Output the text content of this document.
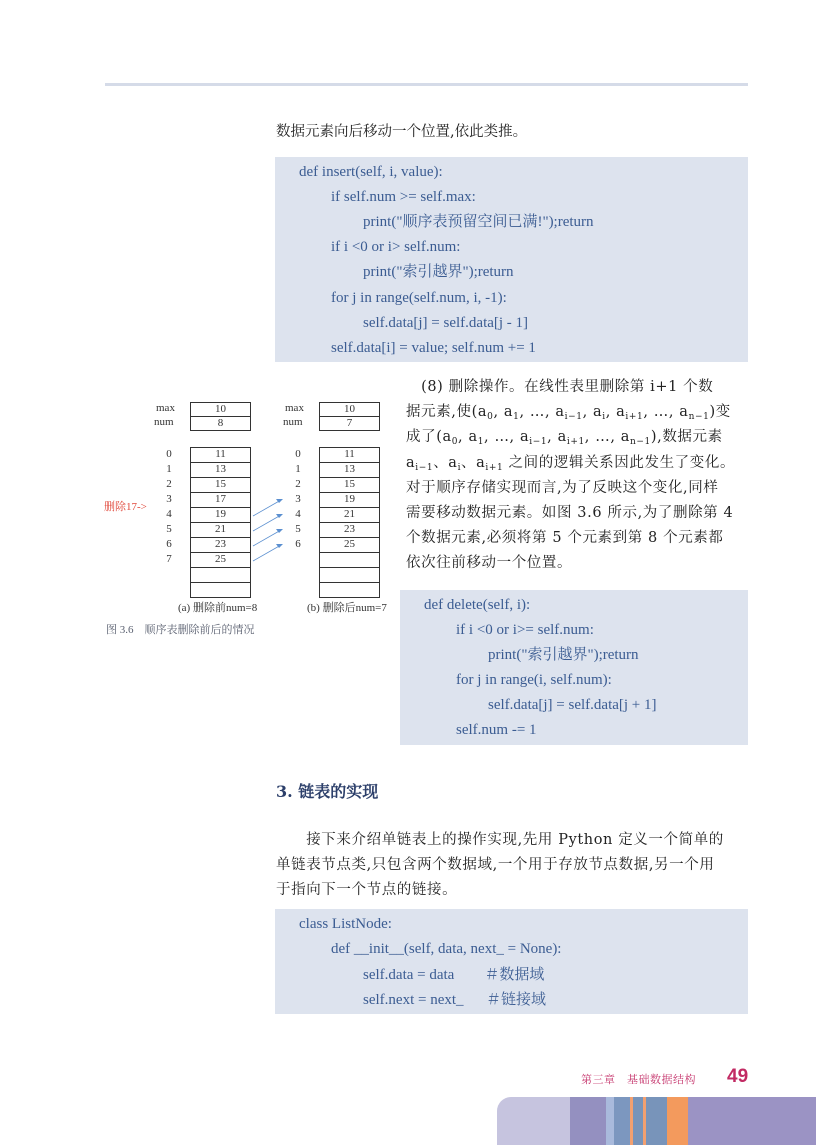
数据元素向后移动一个位置,依此类推。
def insert(self, i, value):
if self.num >= self.max:
print("顺序表预留空间已满!");return
if i <0 or i> self.num:
print("索引越界");return
for j in range(self.num, i, -1):
self.data[j] = self.data[j - 1]
self.data[i] = value; self.num += 1
　(8) 删除操作。在线性表里删除第 i+1 个数
据元素,使($a_0$, $a_1$, …, $a_{i-1}$, $a_i$, $a_{i+1}$, …, $a_{n-1}$)变
成了($a_0$, $a_1$, …, $a_{i-1}$, $a_{i+1}$, …, $a_{n-1}$),数据元素
$a_{i-1}$、$a_i$、$a_{i+1}$ 之间的逻辑关系因此发生了变化。
对于顺序存储实现而言,为了反映这个变化,同样
需要移动数据元素。如图 3.6 所示,为了删除第 4
个数据元素,必须将第 5 个元素到第 8 个元素都
依次往前移动一个位置。
10
8
max
num
11
13
15
17
19
21
23
25
0
1
2
3
4
5
6
7
(a) 删除前num=8
10
7
max
num
11
13
15
19
21
23
25
0
1
2
3
4
5
6
(b) 删除后num=7
删除17->
图 3.6　顺序表删除前后的情况
def delete(self, i):
if i <0 or i>= self.num:
print("索引越界");return
for j in range(i, self.num):
self.data[j] = self.data[j + 1]
self.num -= 1
3. 链表的实现
　　接下来介绍单链表上的操作实现,先用 Python 定义一个简单的
单链表节点类,只包含两个数据域,一个用于存放节点数据,另一个用
于指向下一个节点的链接。
class ListNode:
def __init__(self, data, next_ = None):
self.data = data        ＃数据域
self.next = next_      ＃链接域
第三章　基础数据结构 49
